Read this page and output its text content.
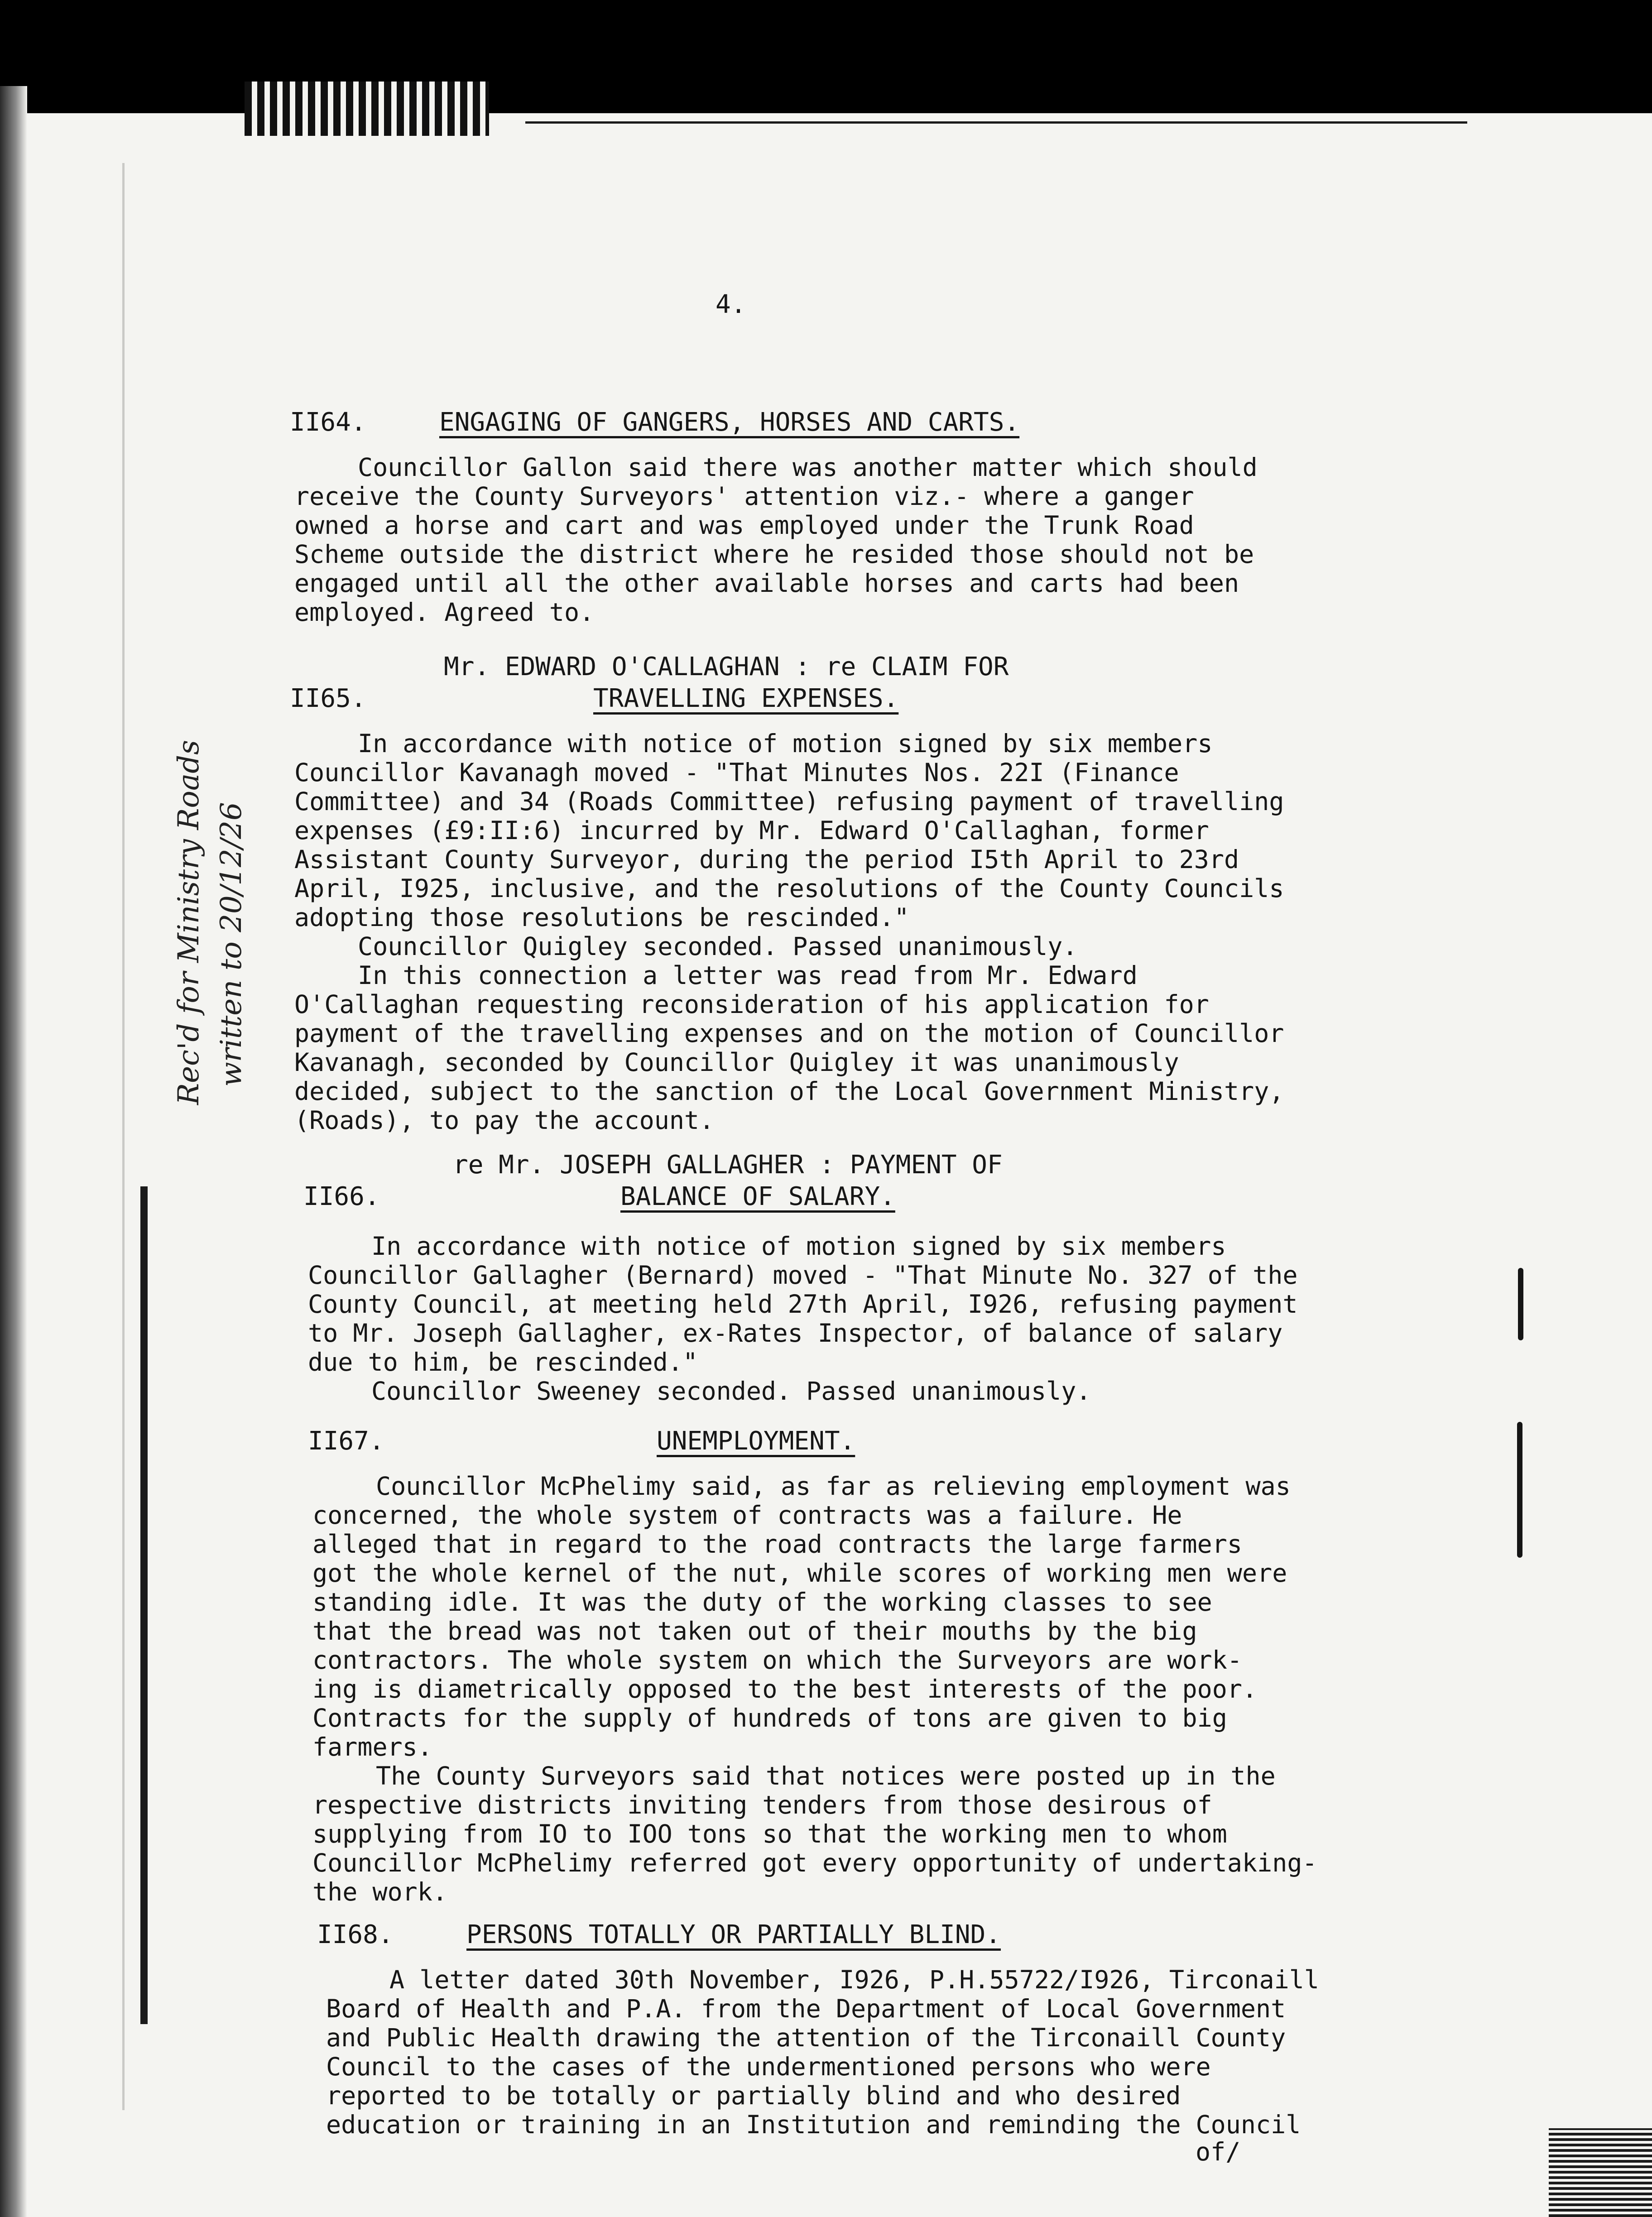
4.
II64.	ENGAGING OF GANGERS, HORSES AND CARTS.
Councillor Gallon said there was another matter which should
receive the County Surveyors' attention viz.- where a ganger
owned a horse and cart and was employed under the Trunk Road
Scheme outside the district where he resided those should not be
engaged until all the other available horses and carts had been
employed. Agreed to.
Mr. EDWARD O'CALLAGHAN : re CLAIM FOR
II65.	TRAVELLING EXPENSES.
In accordance with notice of motion signed by six members
Councillor Kavanagh moved - "That Minutes Nos. 22I (Finance
Committee) and 34 (Roads Committee) refusing payment of travelling
expenses (£9:II:6) incurred by Mr. Edward O'Callaghan, former
Assistant County Surveyor, during the period I5th April to 23rd
April, I925, inclusive, and the resolutions of the County Councils
adopting those resolutions be rescinded."
Councillor Quigley seconded. Passed unanimously.
In this connection a letter was read from Mr. Edward
O'Callaghan requesting reconsideration of his application for
payment of the travelling expenses and on the motion of Councillor
Kavanagh, seconded by Councillor Quigley it was unanimously
decided, subject to the sanction of the Local Government Ministry,
(Roads), to pay the account.
re Mr. JOSEPH GALLAGHER : PAYMENT OF
II66.	BALANCE OF SALARY.
In accordance with notice of motion signed by six members
Councillor Gallagher (Bernard) moved - "That Minute No. 327 of the
County Council, at meeting held 27th April, I926, refusing payment
to Mr. Joseph Gallagher, ex-Rates Inspector, of balance of salary
due to him, be rescinded."
Councillor Sweeney seconded. Passed unanimously.
II67.	UNEMPLOYMENT.
Councillor McPhelimy said, as far as relieving employment was
concerned, the whole system of contracts was a failure. He
alleged that in regard to the road contracts the large farmers
got the whole kernel of the nut, while scores of working men were
standing idle. It was the duty of the working classes to see
that the bread was not taken out of their mouths by the big
contractors. The whole system on which the Surveyors are work-
ing is diametrically opposed to the best interests of the poor.
Contracts for the supply of hundreds of tons are given to big
farmers.
The County Surveyors said that notices were posted up in the
respective districts inviting tenders from those desirous of
supplying from IO to IOO tons so that the working men to whom
Councillor McPhelimy referred got every opportunity of undertaking-
the work.
II68.	PERSONS TOTALLY OR PARTIALLY BLIND.
A letter dated 30th November, I926, P.H.55722/I926, Tirconaill
Board of Health and P.A. from the Department of Local Government
and Public Health drawing the attention of the Tirconaill County
Council to the cases of the undermentioned persons who were
reported to be totally or partially blind and who desired
education or training in an Institution and reminding the Council
of/
Rec'd for Ministry Roads written to 20/12/26
